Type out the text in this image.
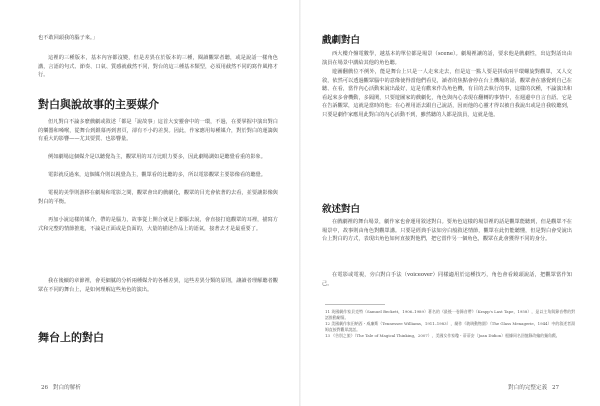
也不敢回頭我的腦子來。」

這裡的三種版本，基本內容都沒變，但是差異在於版本的三種，閱讀觀眾者聽，或是說話一樣角色講，言語的句式、節奏、口氣、質感就截然不同，對台的這三種基本類型，必須用截然不同的寫作風格才行。

對白與說故事的主要媒介

但凡對白不論多麼戲劇或敘述「都是「說故事」這首大安靈會中的一環，不過，在要掌握中演出對白的樂器和嗓喉，從舞台到銀幕再到書頁，卻有不小的差異。因此，作家應用每種媒介，對於對白的運籌與有重大的影響——尤其要質、也影響量。

例如劇場這個媒介是以聽覺為主，觀眾用的耳力比眼力要多，因此劇場調如是聽覺看重的影象。

電影就反過來，這個媒介則以視覺為主，觀眾看的比聽的多，所以電影觀眾主要影像看的聽覺。

電視的美學則游移在劇場和電影之間，觀眾會出的戲劇化，觀眾的目光會依著的去看，並要讓影像與對白的平衡。

再加小說這樣的媒介，帶的是腦力，故事從上開合就是上膨脹去說，會直接打進觀眾的耳裡，描寫方式和完整的情節推進，不論是正面或是負面的，大量的描述作品上的語氣，接著去才是最重要了。

我在後續的章節裡，會更細膩的分析兩種媒介的各種差異，這些差異分類的原則，讓讀者理解聽者觀眾在不同的舞台上，是如何理解這些角色的演出。

舞台上的對白
26 對白的解析
戲劇對白

西大樓介盤電數學，越基本的單位都是場景（scene）。劇場裡讓的話，要求他是戲劇性，出這對話出由演員在場景中講給其他的角色聽。

遊圖翻戲位不例外，能是舞台上只是一人走來走去，但是這一點人要是拼成兩半環螺旋對觀眾，又人交敘，依然可以透過觀眾腦中的意像使得當他們看見，讀者的焦點會停在台上機場的話，觀眾會在感覺到自己在聽、在看，當作內心活動來說出最好，這是有歡來作為角色機，有目的去執行的事，這樣的次種，不論演出和看起來多會機動，多隔閡，只要遊圖家的戲劇化，角色與內心表現在翻轉的事情中，在週邊中自言自語。它是在告訴觀眾，這就是當時的他；在心裡用語去跟自己說話，因而他的心靈才得以被自我說出或是自我收聽到，只要是劇作家應用此對白的內心活動不到，雖然聽的人都是演員，這就是他。

敘述對白

在戲劇裡的舞台場景，劇作家也會運用敘述對白。要角色這樣的場景裡的話是觀眾能聽到，但是觀眾不在場景中，故事則由角色對觀眾講。只要是經典手法如旁白般敘述情節，觀眾在此仍能聽懂，但是對白會受說出台上對白的方式，表現出角色如何直接對他們，把它當作另一個角色，觀眾在此會獲得不同的身分。

在電影或電視，旁白對白手法（voiceover）同樣適用於這種技巧，角色會看鏡頭說話，把觀眾當作知己。

11 英國劇作家貝克特（Samuel Beckett，1906–1989）著名的《最後一卷錄音帶》（Krapp's Last Tape，1958），是以主角與錄音帶的對話推動劇情。
12 美國劇作家田納西・威廉斯（Tennessee Williams，1911–1983），劇作《玻璃動物園》（The Glass Menagerie，1944）中的敘述者湯姆直接對觀眾說話。
13 《告別之旅》（The Tale of Magical Thinking，2007），美國女作家瓊・蒂蒂安（Joan Didion）根據同名回憶錄改編的獨角戲。
對白的完整定義 27
